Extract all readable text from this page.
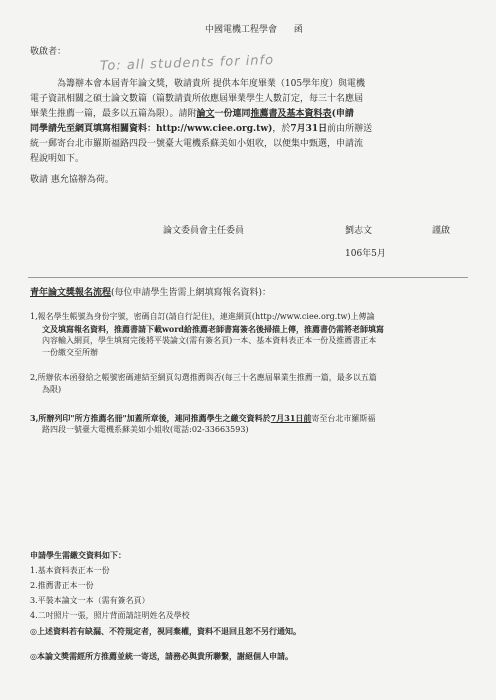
中國電機工程學會 函
敬啟者：
To: all students for info
為籌辦本會本屆青年論文獎，敬請貴所 提供本年度畢業（105學年度）與電機
電子資訊相關之碩士論文數篇（篇數請貴所依應屆畢業學生人數訂定，每三十名應屆
畢業生推薦一篇，最多以五篇為限）。請附論文一份連同推薦書及基本資料表(申請
同學請先至網頁填寫相關資料：http://www.ciee.org.tw)，於7月31日前由所辦送
統一郵寄台北市羅斯福路四段一號臺大電機系蘇美如小姐收，以便集中甄選，申請流
程說明如下。
敬請 惠允協辦為荷。
論文委員會主任委員	劉志文	謹啟
106年5月
青年論文獎報名流程(每位申請學生皆需上網填寫報名資料)：
1,報名學生帳號為身份字號，密碼自訂(請自行記住)，連進網頁(http://www.ciee.org.tw)上傳論
文及填寫報名資料，推薦書請下載word給推薦老師書寫簽名後掃描上傳，推薦書仍需將老師填寫
內容輸入網頁，學生填寫完後將平裝論文(需有簽名頁)一本、基本資料表正本一份及推薦書正本
一份繳交至所辦
2,所辦依本函發給之帳號密碼連結至網頁勾選推薦與否(每三十名應屆畢業生推薦一篇，最多以五篇
為限)
3,所辦列印"所方推薦名冊"加蓋所章後，連同推薦學生之繳交資料於7月31日前寄至台北市羅斯福
路四段一號臺大電機系蘇美如小姐收(電話:02-33663593)
申請學生需繳交資料如下：
1.基本資料表正本一份
2.推薦書正本一份
3.平裝本論文一本（需有簽名頁）
4.二吋照片一張，照片背面請註明姓名及學校
◎上述資料若有缺漏、不符規定者，視同棄權，資料不退回且恕不另行通知。
◎本論文獎需經所方推薦並統一寄送，請務必與貴所聯繫，謝絕個人申請。
